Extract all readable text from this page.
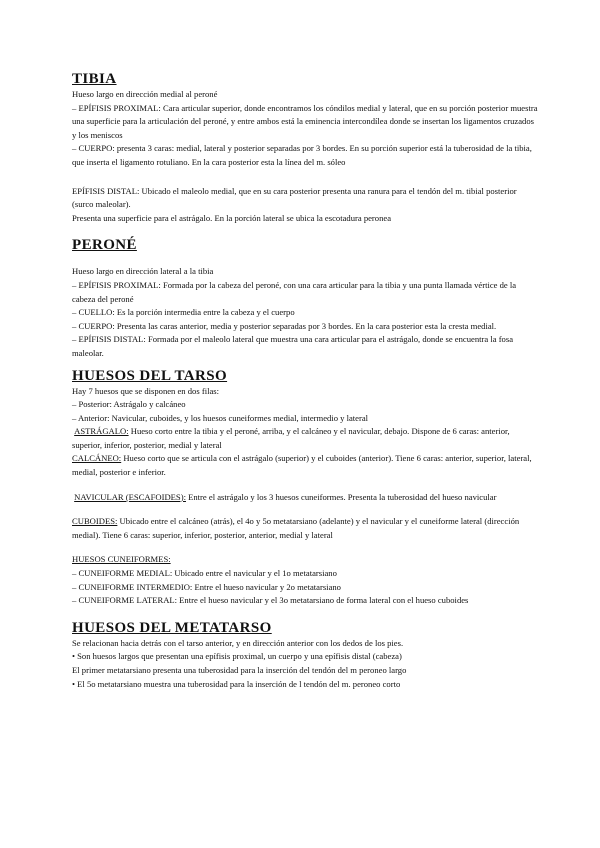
TIBIA

Hueso largo en dirección medial al peroné

– EPÍFISIS PROXIMAL: Cara articular superior, donde encontramos los cóndilos medial y lateral, que en su porción posterior muestra una superficie para la articulación del peroné, y entre ambos está la eminencia intercondílea donde se insertan los ligamentos cruzados y los meniscos

– CUERPO: presenta 3 caras: medial, lateral y posterior separadas por 3 bordes. En su porción superior está la tuberosidad de la tibia, que inserta el ligamento rotuliano. En la cara posterior esta la línea del m. sóleo

EPÍFISIS DISTAL: Ubicado el maleolo medial, que en su cara posterior presenta una ranura para el tendón del m. tibial posterior (surco maleolar).

Presenta una superficie para el astrágalo. En la porción lateral se ubica la escotadura peronea

PERONÉ

Hueso largo en dirección lateral a la tibia

– EPÍFISIS PROXIMAL: Formada por la cabeza del peroné, con una cara articular para la tibia y una punta llamada vértice de la cabeza del peroné

– CUELLO: Es la porción intermedia entre la cabeza y el cuerpo

– CUERPO: Presenta las caras anterior, media y posterior separadas por 3 bordes. En la cara posterior esta la cresta medial.

– EPÍFISIS DISTAL: Formada por el maleolo lateral que muestra una cara articular para el astrágalo, donde se encuentra la fosa maleolar.

HUESOS DEL TARSO

Hay 7 huesos que se disponen en dos filas:

– Posterior: Astrágalo y calcáneo

– Anterior: Navicular, cuboides, y los huesos cuneiformes medial, intermedio y lateral

ASTRÁGALO: Hueso corto entre la tibia y el peroné, arriba, y el calcáneo y el navicular, debajo. Dispone de 6 caras: anterior, superior, inferior, posterior, medial y lateral

CALCÁNEO: Hueso corto que se articula con el astrágalo (superior) y el cuboides (anterior). Tiene 6 caras: anterior, superior, lateral, medial, posterior e inferior.

NAVICULAR (ESCAFOIDES): Entre el astrágalo y los 3 huesos cuneiformes. Presenta la tuberosidad del hueso navicular

CUBOIDES: Ubicado entre el calcáneo (atrás), el 4o y 5o metatarsiano (adelante) y el navicular y el cuneiforme lateral (dirección medial). Tiene 6 caras: superior, inferior, posterior, anterior, medial y lateral

HUESOS CUNEIFORMES:

– CUNEIFORME MEDIAL: Ubicado entre el navicular y el 1o metatarsiano

– CUNEIFORME INTERMEDIO: Entre el hueso navicular y 2o metatarsiano

– CUNEIFORME LATERAL: Entre el hueso navicular y el 3o metatarsiano de forma lateral con el hueso cuboides

HUESOS DEL METATARSO

Se relacionan hacia detrás con el tarso anterior, y en dirección anterior con los dedos de los pies.

• Son huesos largos que presentan una epífisis proximal, un cuerpo y una epífisis distal (cabeza)

El primer metatarsiano presenta una tuberosidad para la inserción del tendón del m peroneo largo

• El 5o metatarsiano muestra una tuberosidad para la inserción de l tendón del m. peroneo corto
